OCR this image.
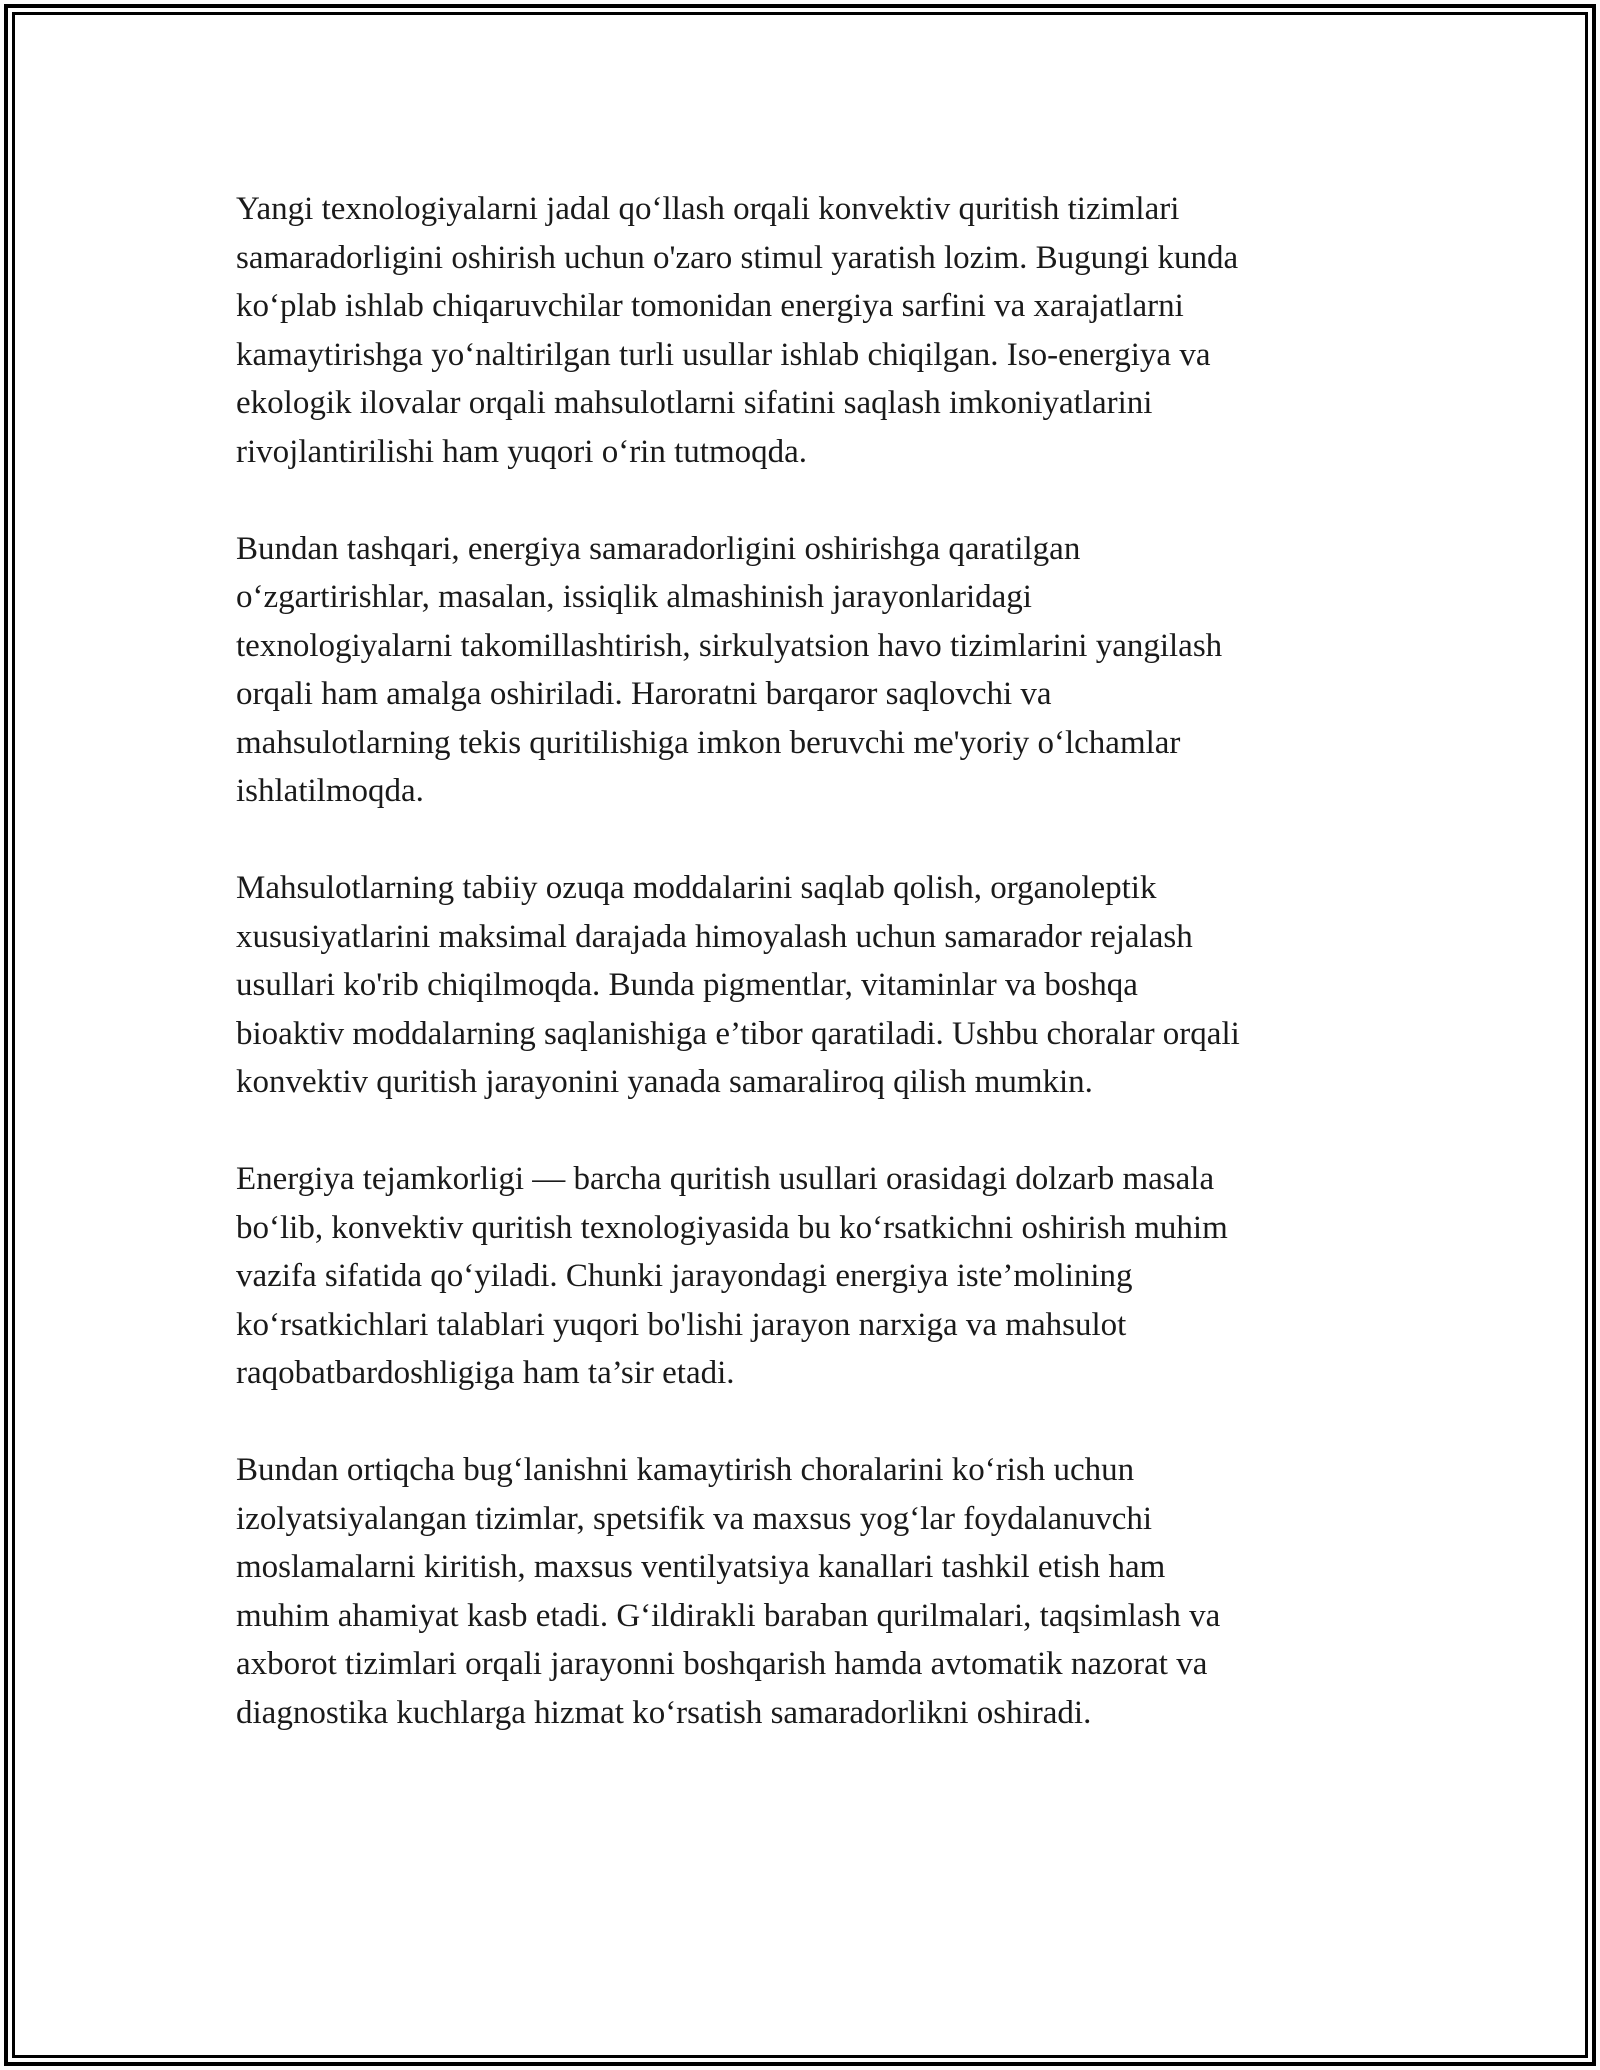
Yangi texnologiyalarni jadal qo‘llash orqali konvektiv quritish tizimlari
samaradorligini oshirish uchun o'zaro stimul yaratish lozim. Bugungi kunda
ko‘plab ishlab chiqaruvchilar tomonidan energiya sarfini va xarajatlarni
kamaytirishga yo‘naltirilgan turli usullar ishlab chiqilgan. Iso-energiya va
ekologik ilovalar orqali mahsulotlarni sifatini saqlash imkoniyatlarini
rivojlantirilishi ham yuqori o‘rin tutmoqda.

Bundan tashqari, energiya samaradorligini oshirishga qaratilgan
o‘zgartirishlar, masalan, issiqlik almashinish jarayonlaridagi
texnologiyalarni takomillashtirish, sirkulyatsion havo tizimlarini yangilash
orqali ham amalga oshiriladi. Haroratni barqaror saqlovchi va
mahsulotlarning tekis quritilishiga imkon beruvchi me'yoriy o‘lchamlar
ishlatilmoqda.

Mahsulotlarning tabiiy ozuqa moddalarini saqlab qolish, organoleptik
xususiyatlarini maksimal darajada himoyalash uchun samarador rejalash
usullari ko'rib chiqilmoqda. Bunda pigmentlar, vitaminlar va boshqa
bioaktiv moddalarning saqlanishiga e’tibor qaratiladi. Ushbu choralar orqali
konvektiv quritish jarayonini yanada samaraliroq qilish mumkin.

Energiya tejamkorligi — barcha quritish usullari orasidagi dolzarb masala
bo‘lib, konvektiv quritish texnologiyasida bu ko‘rsatkichni oshirish muhim
vazifa sifatida qo‘yiladi. Chunki jarayondagi energiya iste’molining
ko‘rsatkichlari talablari yuqori bo'lishi jarayon narxiga va mahsulot
raqobatbardoshligiga ham ta’sir etadi.

Bundan ortiqcha bug‘lanishni kamaytirish choralarini ko‘rish uchun
izolyatsiyalangan tizimlar, spetsifik va maxsus yog‘lar foydalanuvchi
moslamalarni kiritish, maxsus ventilyatsiya kanallari tashkil etish ham
muhim ahamiyat kasb etadi. G‘ildirakli baraban qurilmalari, taqsimlash va
axborot tizimlari orqali jarayonni boshqarish hamda avtomatik nazorat va
diagnostika kuchlarga hizmat ko‘rsatish samaradorlikni oshiradi.
